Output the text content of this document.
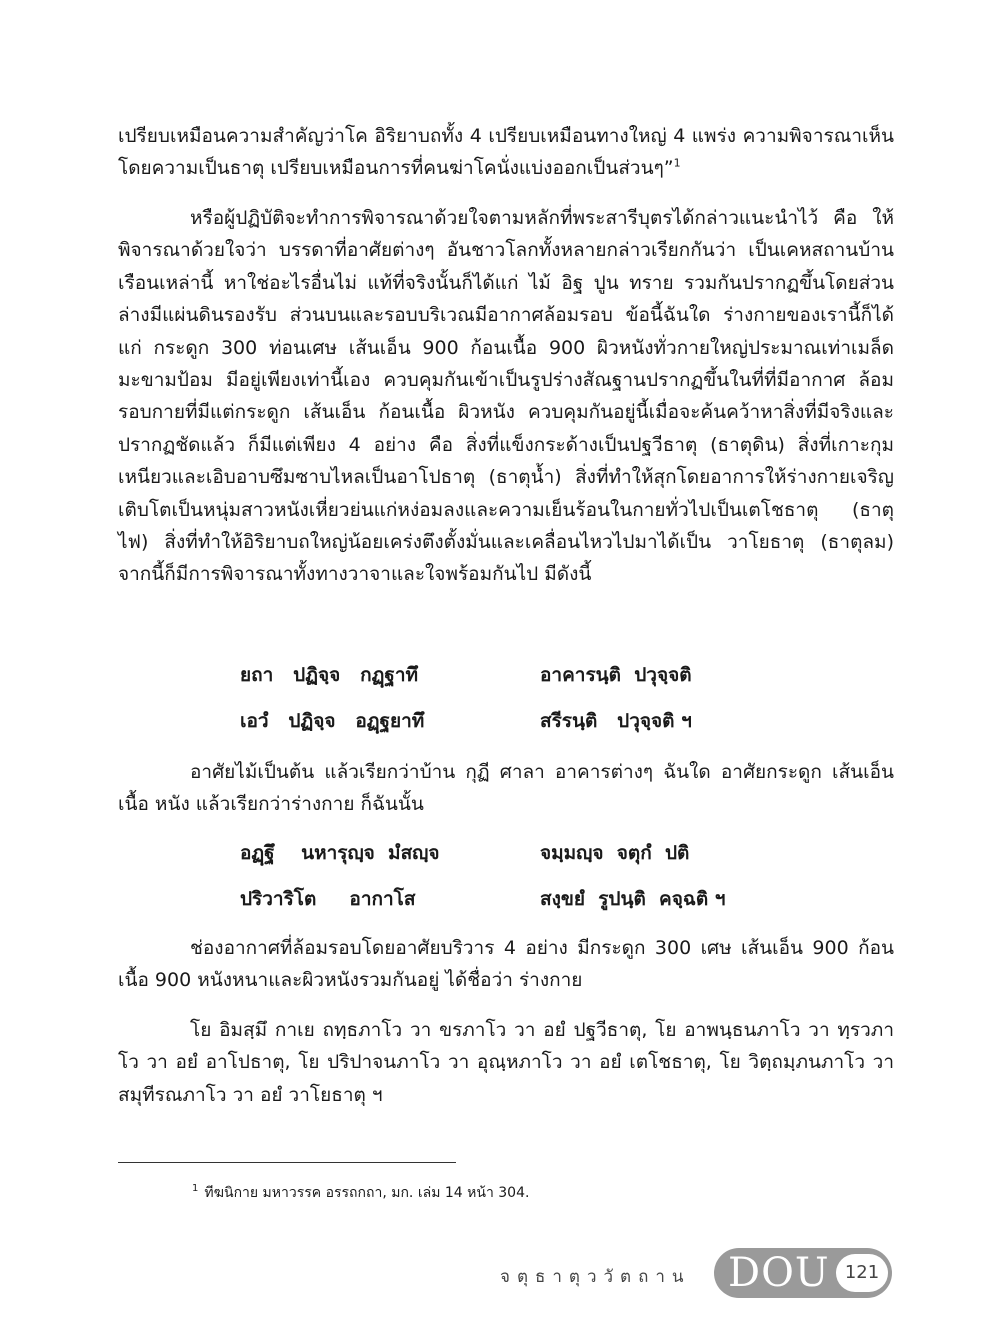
เปรียบเหมือนความสำคัญว่าโค อิริยาบถทั้ง 4 เปรียบเหมือนทางใหญ่ 4 แพร่ง ความพิจารณาเห็นโดยความเป็นธาตุ เปรียบเหมือนการที่คนฆ่าโคนั่งแบ่งออกเป็นส่วนๆ”$^1$

หรือผู้ปฏิบัติจะทำการพิจารณาด้วยใจตามหลักที่พระสารีบุตรได้กล่าวแนะนำไว้ คือ ให้พิจารณาด้วยใจว่า บรรดาที่อาศัยต่างๆ อันชาวโลกทั้งหลายกล่าวเรียกกันว่า เป็นเคหสถานบ้านเรือนเหล่านี้ หาใช่อะไรอื่นไม่ แท้ที่จริงนั้นก็ได้แก่ ไม้ อิฐ ปูน ทราย รวมกันปรากฏขึ้นโดยส่วนล่างมีแผ่นดินรองรับ ส่วนบนและรอบบริเวณมีอากาศล้อมรอบ ข้อนี้ฉันใด ร่างกายของเรานี้ก็ได้แก่ กระดูก 300 ท่อนเศษ เส้นเอ็น 900 ก้อนเนื้อ 900 ผิวหนังทั่วกายใหญ่ประมาณเท่าเมล็ดมะขามป้อม มีอยู่เพียงเท่านี้เอง ควบคุมกันเข้าเป็นรูปร่างสัณฐานปรากฏขึ้นในที่ที่มีอากาศ ล้อมรอบกายที่มีแต่กระดูก เส้นเอ็น ก้อนเนื้อ ผิวหนัง ควบคุมกันอยู่นี้เมื่อจะค้นคว้าหาสิ่งที่มีจริงและปรากฏชัดแล้ว ก็มีแต่เพียง 4 อย่าง คือ สิ่งที่แข็งกระด้างเป็นปฐวีธาตุ (ธาตุดิน) สิ่งที่เกาะกุมเหนียวและเอิบอาบซึมซาบไหลเป็นอาโปธาตุ (ธาตุน้ำ) สิ่งที่ทำให้สุกโดยอาการให้ร่างกายเจริญเติบโตเป็นหนุ่มสาวหนังเหี่ยวย่นแก่หง่อมลงและความเย็นร้อนในกายทั่วไปเป็นเตโชธาตุ (ธาตุไฟ) สิ่งที่ทำให้อิริยาบถใหญ่น้อยเคร่งตึงตั้งมั่นและเคลื่อนไหวไปมาได้เป็น วาโยธาตุ (ธาตุลม) จากนี้ก็มีการพิจารณาทั้งทางวาจาและใจพร้อมกันไป มีดังนี้

ยถา   ปฏิจฺจ   กฏฺฐาทึ	อาคารนฺติ  ปวุจฺจติ
เอวํ   ปฏิจฺจ   อฏฺฐยาทึ	สรีรนฺติ   ปวุจฺจติ ฯ

อาศัยไม้เป็นต้น แล้วเรียกว่าบ้าน กุฏี ศาลา อาคารต่างๆ ฉันใด อาศัยกระดูก เส้นเอ็น เนื้อ หนัง แล้วเรียกว่าร่างกาย ก็ฉันนั้น

อฏฺฐึ    นหารุญฺจ  มํสญฺจ	จมฺมญฺจ  จตุกํ  ปติ
ปริวาริโต     อากาโส	สงฺขยํ  รูปนฺติ  คจฺฉติ ฯ

ช่องอากาศที่ล้อมรอบโดยอาศัยบริวาร 4 อย่าง มีกระดูก 300 เศษ เส้นเอ็น 900 ก้อนเนื้อ 900 หนังหนาและผิวหนังรวมกันอยู่ ได้ชื่อว่า ร่างกาย

โย อิมสฺมึ กาเย ถทฺธภาโว วา ขรภาโว วา อยํ ปฐวีธาตุ, โย อาพนฺธนภาโว วา ทฺรวภาโว วา อยํ อาโปธาตุ, โย ปริปาจนภาโว วา อุณฺหภาโว วา อยํ เตโชธาตุ, โย วิตฺถมฺภนภาโว วา สมุทีรณภาโว วา อยํ วาโยธาตุ ฯ

$^1$ ทีฆนิกาย มหาวรรค อรรถกถา, มก. เล่ม 14 หน้า 304.
จตุธาตุววัตถาน DOU 121
